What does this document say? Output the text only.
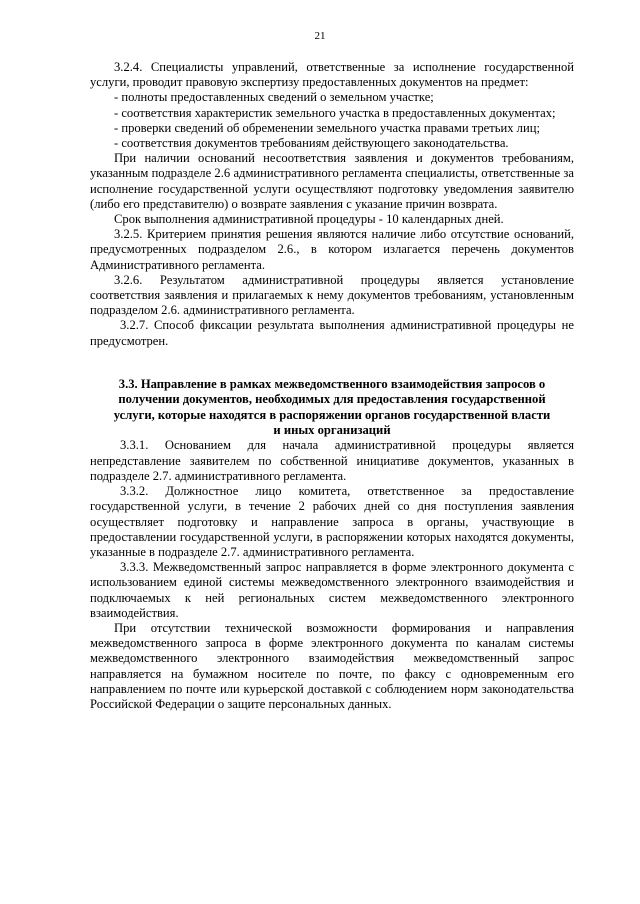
21

3.2.4. Специалисты управлений, ответственные за исполнение государственной услуги, проводит правовую экспертизу предоставленных документов на предмет:

- полноты предоставленных сведений о земельном участке;

- соответствия характеристик земельного участка в предоставленных документах;

- проверки сведений об обременении земельного участка правами третьих лиц;

- соответствия документов требованиям действующего законодательства.

При наличии оснований несоответствия заявления и документов требованиям, указанным подразделе 2.6 административного регламента специалисты, ответственные за исполнение государственной услуги осуществляют подготовку уведомления заявителю (либо его представителю) о возврате заявления с указание причин возврата.

Срок выполнения административной процедуры - 10 календарных дней.

3.2.5. Критерием принятия решения являются наличие либо отсутствие оснований, предусмотренных подразделом 2.6., в котором излагается перечень документов Административного регламента.

3.2.6. Результатом административной процедуры является установление соответствия заявления и прилагаемых к нему документов требованиям, установленным подразделом 2.6. административного регламента.

3.2.7. Способ фиксации результата выполнения административной процедуры не предусмотрен.

3.3. Направление в рамках межведомственного взаимодействия запросов о
получении документов, необходимых для предоставления государственной
услуги, которые находятся в распоряжении органов государственной власти
и иных организаций

3.3.1. Основанием для начала административной процедуры является непредставление заявителем по собственной инициативе документов, указанных в подразделе 2.7. административного регламента.

3.3.2. Должностное лицо комитета, ответственное за предоставление государственной услуги, в течение 2 рабочих дней со дня поступления заявления осуществляет подготовку и направление запроса в органы, участвующие в предоставлении государственной услуги, в распоряжении которых находятся документы, указанные в подразделе 2.7. административного регламента.

3.3.3. Межведомственный запрос направляется в форме электронного документа с использованием единой системы межведомственного электронного взаимодействия и подключаемых к ней региональных систем межведомственного электронного взаимодействия.

При отсутствии технической возможности формирования и направления межведомственного запроса в форме электронного документа по каналам системы межведомственного электронного взаимодействия межведомственный запрос направляется на бумажном носителе по почте, по факсу с одновременным его направлением по почте или курьерской доставкой с соблюдением норм законодательства Российской Федерации о защите персональных данных.
